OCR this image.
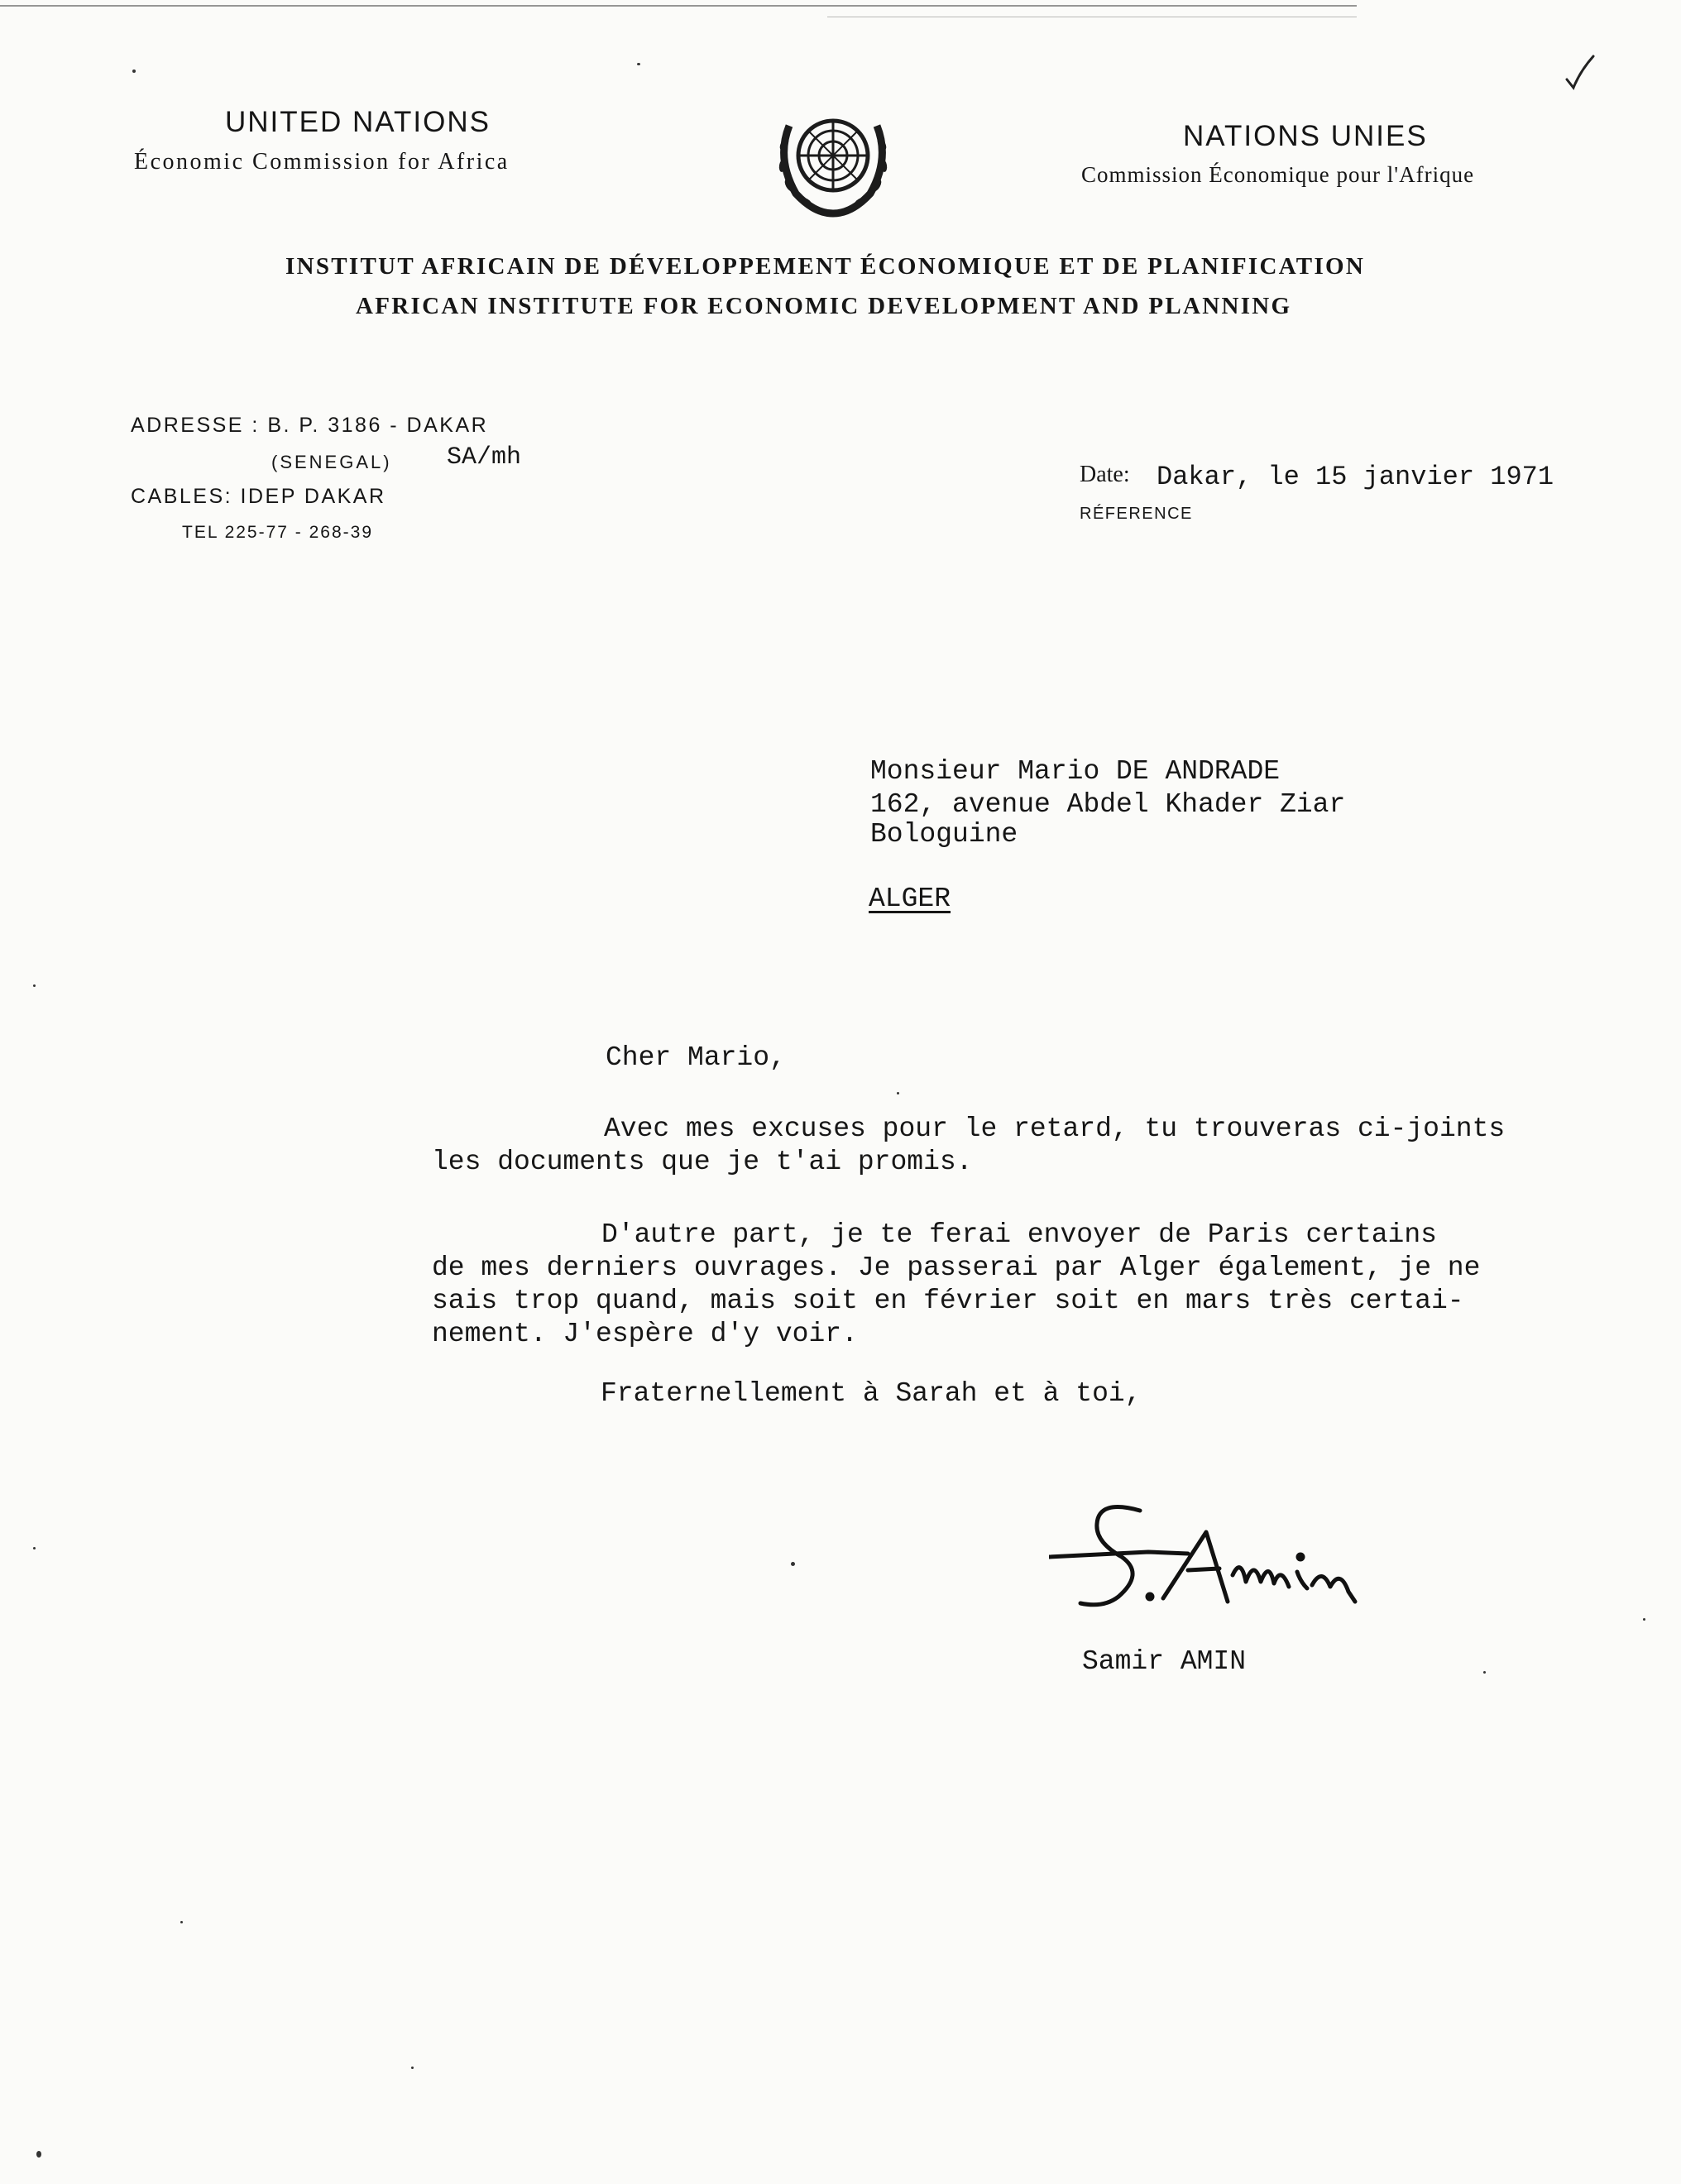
UNITED NATIONS
Économic Commission for Africa
NATIONS UNIES
Commission Économique pour l'Afrique
INSTITUT AFRICAIN DE DÉVELOPPEMENT ÉCONOMIQUE ET DE PLANIFICATION
AFRICAN INSTITUTE FOR ECONOMIC DEVELOPMENT AND PLANNING
ADRESSE : B. P. 3186 - DAKAR
(SENEGAL) SA/mh
CABLES: IDEP DAKAR
TEL 225-77 - 268-39
Date: Dakar, le 15 janvier 1971
RÉFERENCE
Monsieur Mario DE ANDRADE
162, avenue Abdel Khader Ziar
Bologuine
ALGER
Cher Mario,
Avec mes excuses pour le retard, tu trouveras ci-joints
les documents que je t'ai promis.
D'autre part, je te ferai envoyer de Paris certains
de mes derniers ouvrages. Je passerai par Alger également, je ne
sais trop quand, mais soit en février soit en mars très certai-
nement. J'espère d'y voir.
Fraternellement à Sarah et à toi,
Samir AMIN
